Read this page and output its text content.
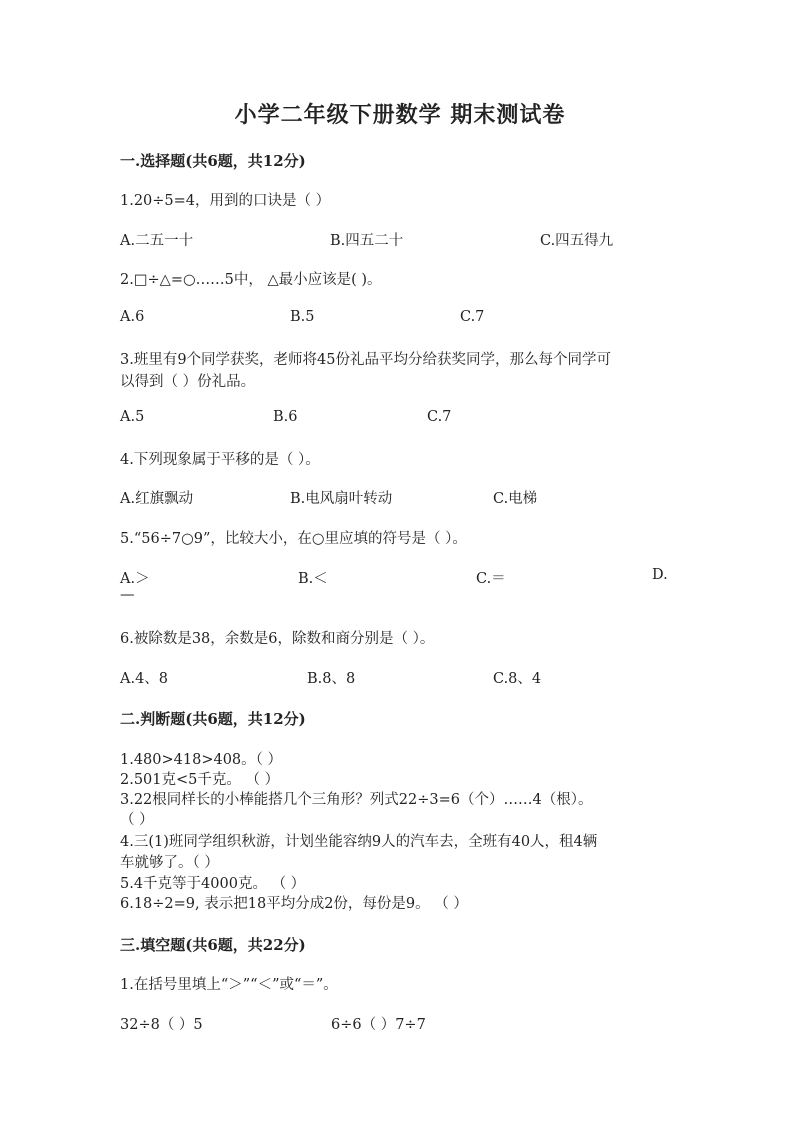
小学二年级下册数学 期末测试卷
一.选择题(共6题，共12分)
1.20÷5=4，用到的口诀是（ ）
A.二五一十	B.四五二十	C.四五得九
2.□÷△=○……5中， △最小应该是( )。
A.6	B.5	C.7
3.班里有9个同学获奖，老师将45份礼品平均分给获奖同学，那么每个同学可
以得到（ ）份礼品。
A.5	B.6	C.7
4.下列现象属于平移的是（ ）。
A.红旗飘动	B.电风扇叶转动	C.电梯
5.“56÷7○9”，比较大小，在○里应填的符号是（ ）。
A.＞	B.＜	C.＝	D.
—
6.被除数是38，余数是6，除数和商分别是（ ）。
A.4、8	B.8、8	C.8、4
二.判断题(共6题，共12分)
1.480>418>408。（ ）
2.501克<5千克。 （ ）
3.22根同样长的小棒能搭几个三角形？列式22÷3=6（个）……4（根）。
（ ）
4.三(1)班同学组织秋游，计划坐能容纳9人的汽车去，全班有40人，租4辆
车就够了。（ ）
5.4千克等于4000克。 （ ）
6.18÷2=9, 表示把18平均分成2份，每份是9。 （ ）
三.填空题(共6题，共22分)
1.在括号里填上“＞”“＜”或“＝”。
32÷8（ ）5	6÷6（ ）7÷7
